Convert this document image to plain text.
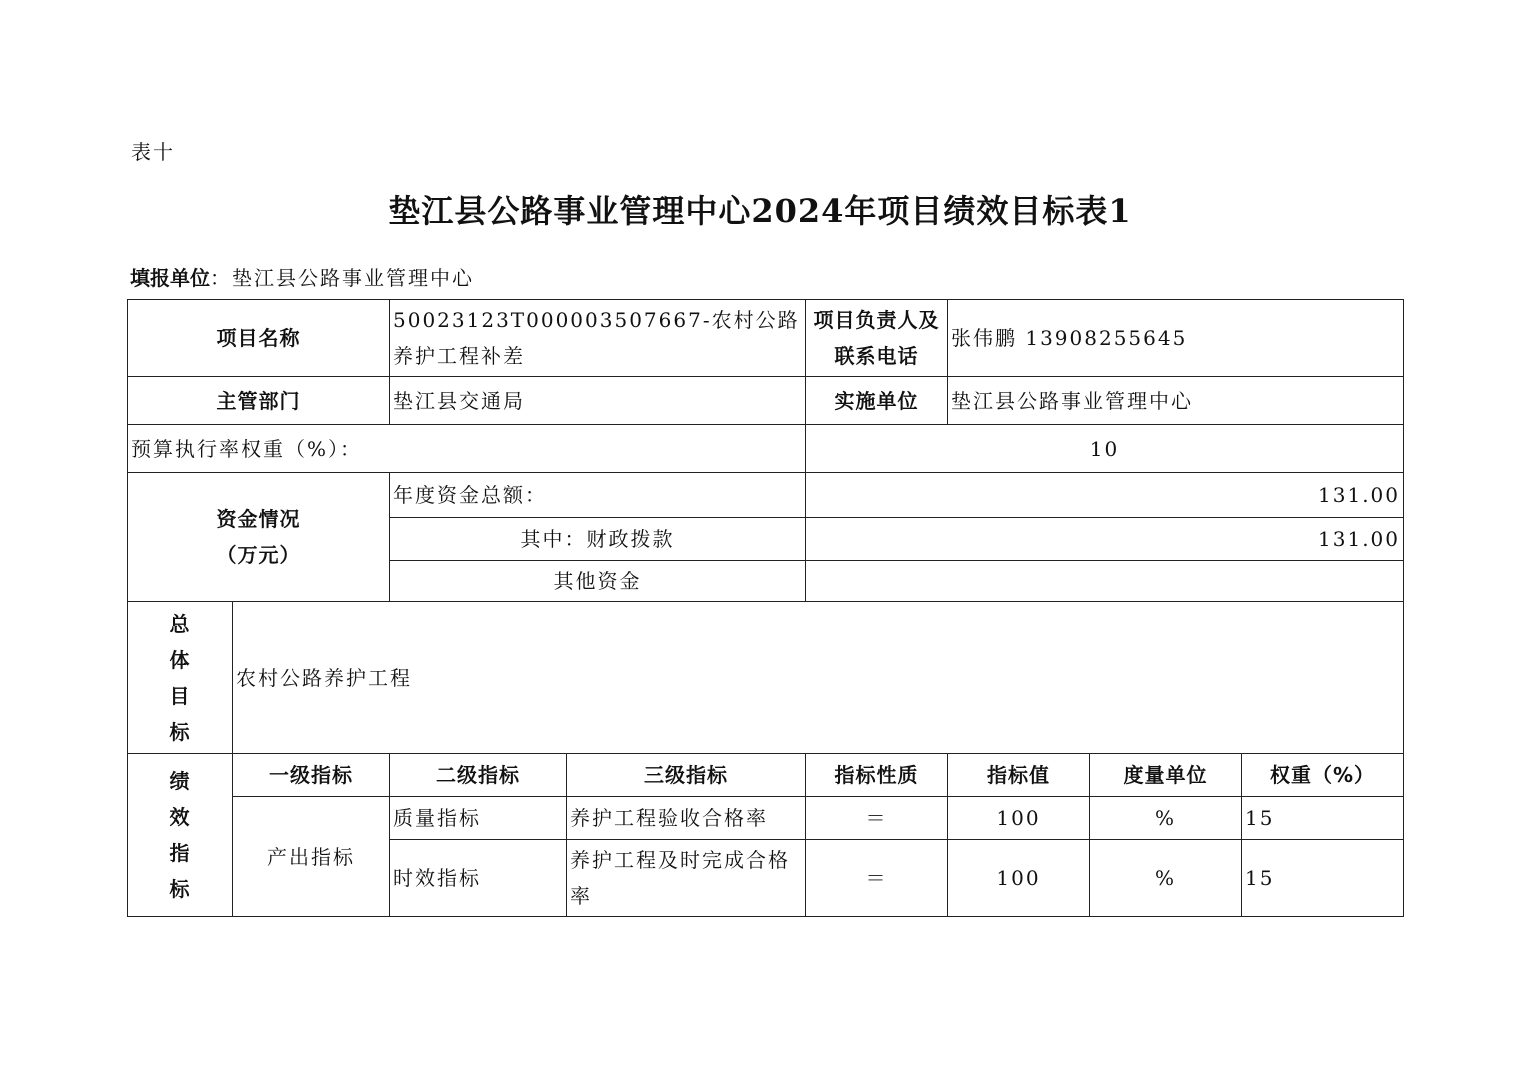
表十
垫江县公路事业管理中心2024年项目绩效目标表1
填报单位：垫江县公路事业管理中心
项目名称		50023123T000003507667-农村公路养护工程补差		项目负责人及联系电话	张伟鹏 13908255645		
主管部门		垫江县交通局		实施单位	垫江县公路事业管理中心		
预算执行率权重（%）：				10			

资金情况
（万元）		年度资金总额：		131.00			
		其中：财政拨款		131.00			
		其他资金					

总
体
目
标	农村公路养护工程						

绩
效
指
标	一级指标	二级指标	三级指标	指标性质	指标值	度量单位	权重（%）
	产出指标	质量指标	养护工程验收合格率	＝	100	%	15
		时效指标	养护工程及时完成合格率	＝	100	%	15
